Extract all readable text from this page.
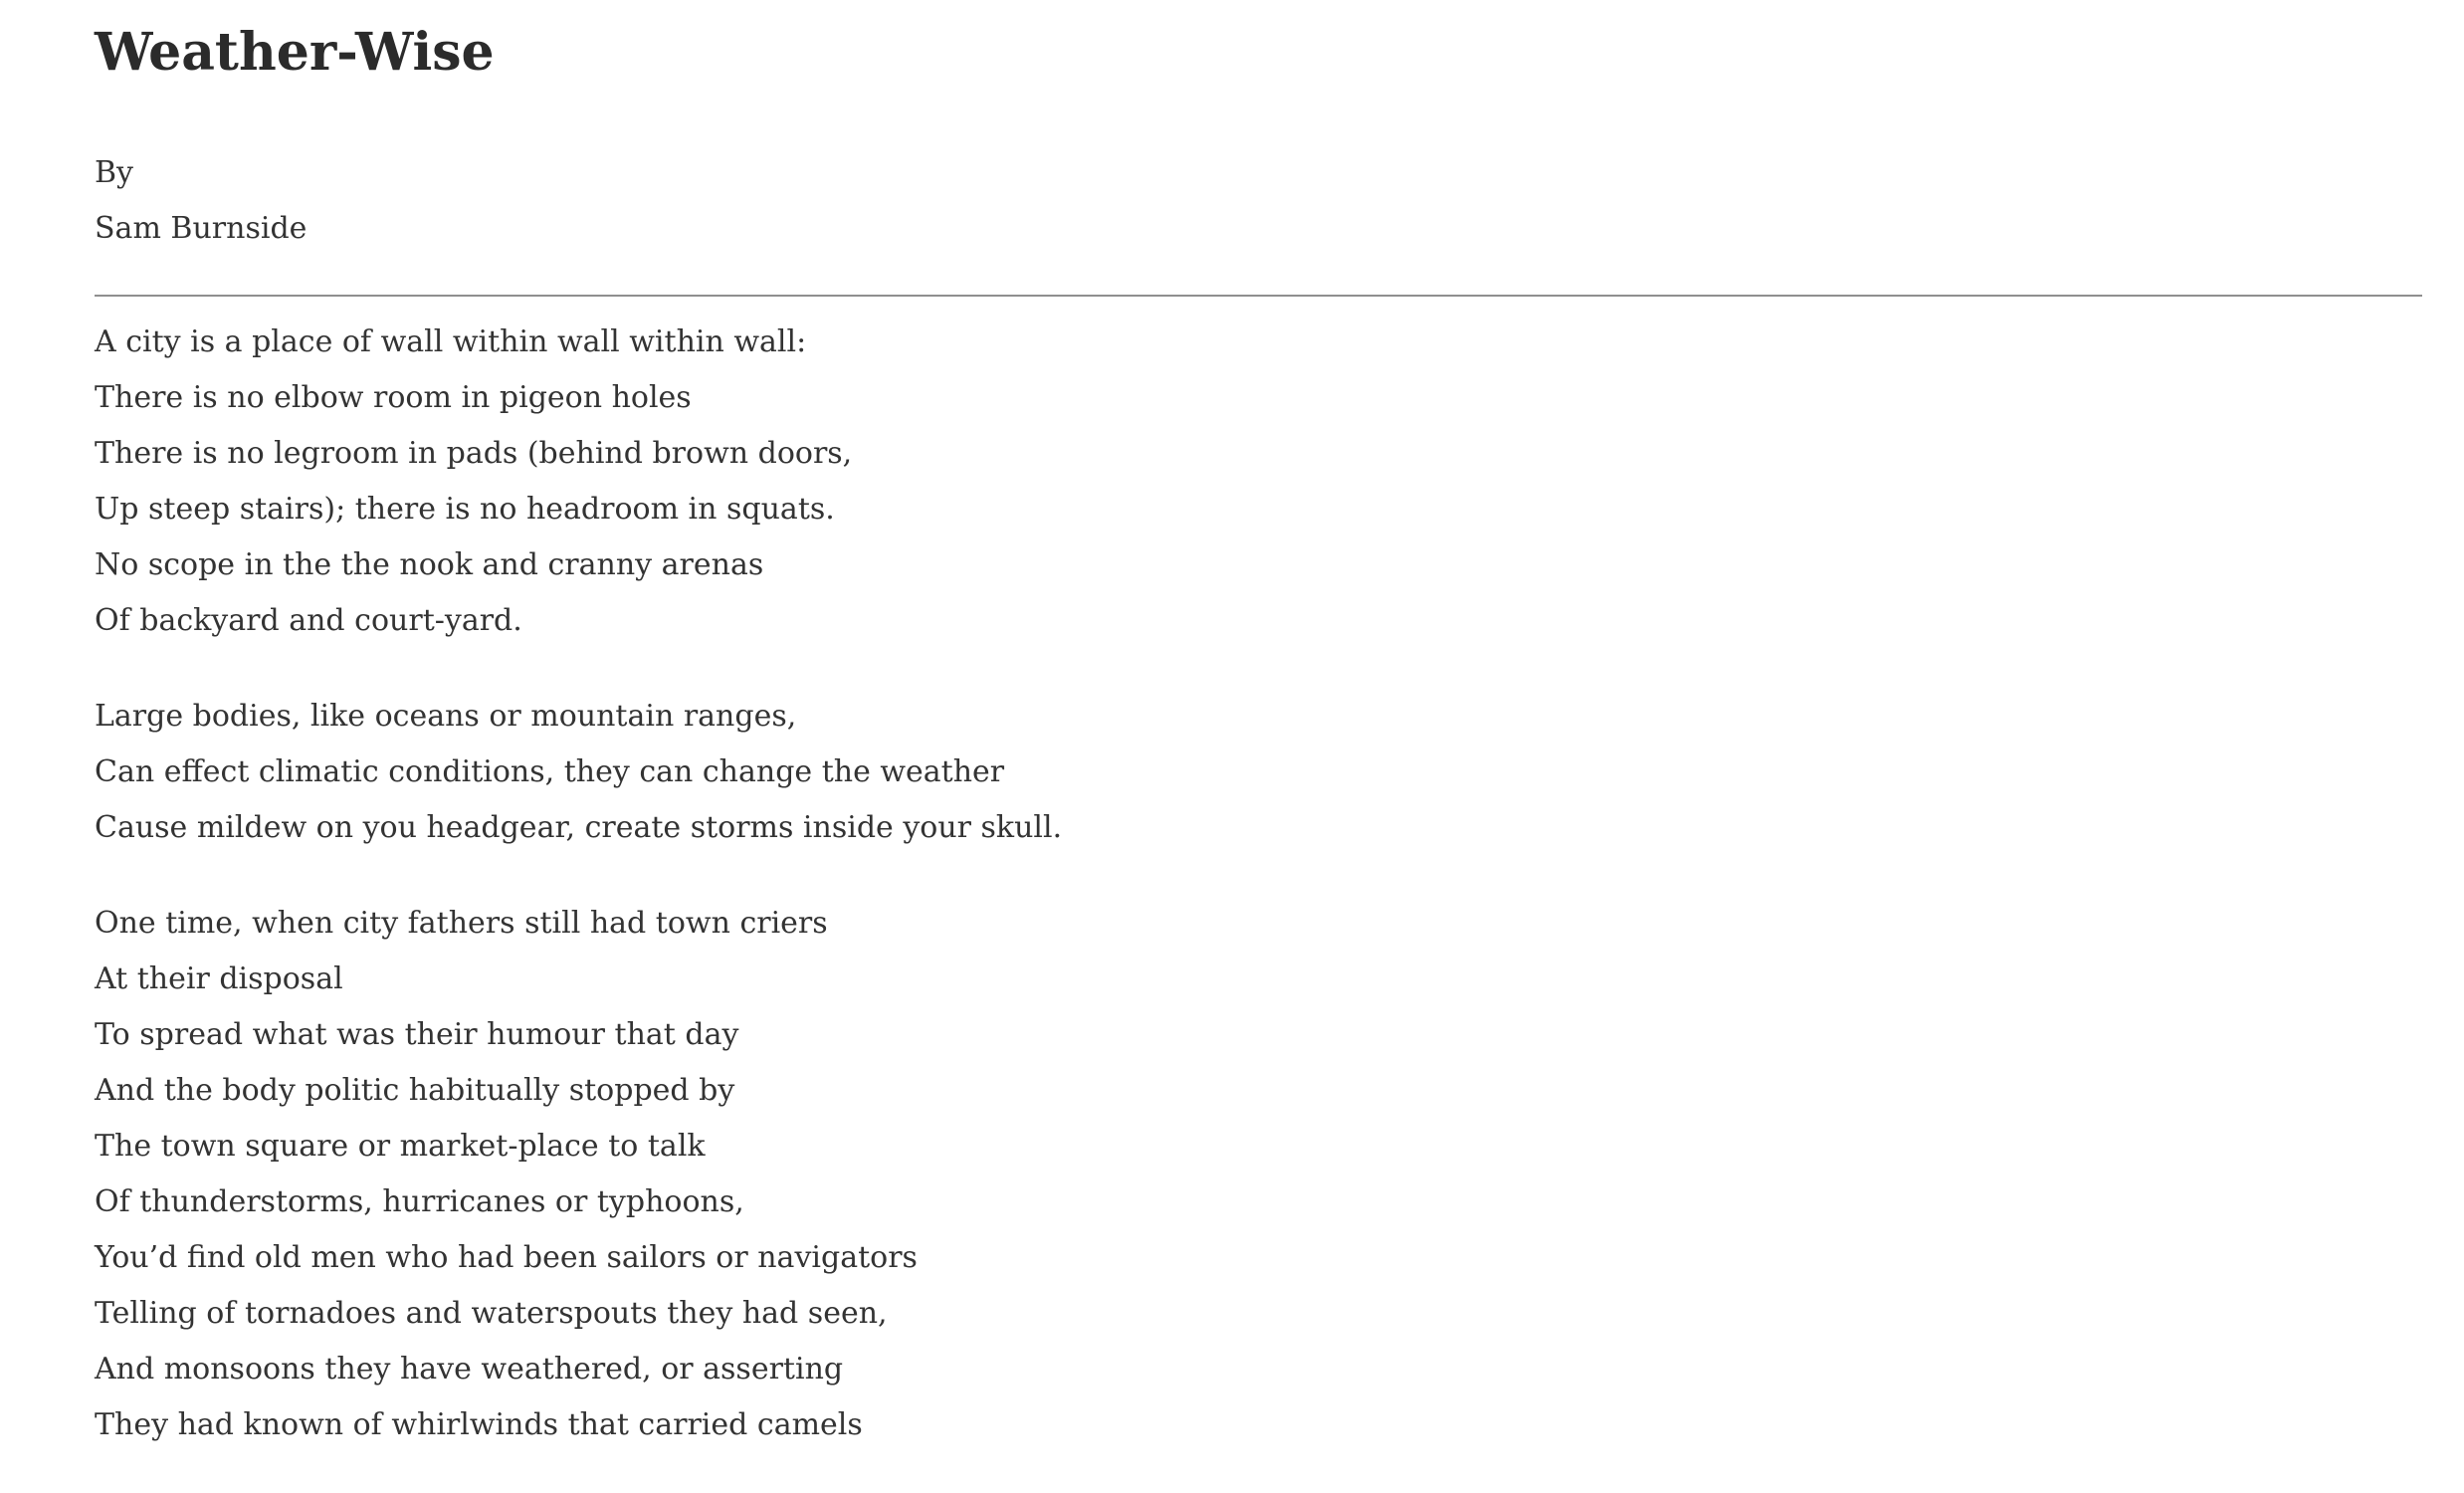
Weather-Wise
By
Sam Burnside
A city is a place of wall within wall within wall:
There is no elbow room in pigeon holes
There is no legroom in pads (behind brown doors,
Up steep stairs); there is no headroom in squats.
No scope in the the nook and cranny arenas
Of backyard and court-yard.
Large bodies, like oceans or mountain ranges,
Can effect climatic conditions, they can change the weather
Cause mildew on you headgear, create storms inside your skull.
One time, when city fathers still had town criers
At their disposal
To spread what was their humour that day
And the body politic habitually stopped by
The town square or market-place to talk
Of thunderstorms, hurricanes or typhoons,
You’d find old men who had been sailors or navigators
Telling of tornadoes and waterspouts they had seen,
And monsoons they have weathered, or asserting
They had known of whirlwinds that carried camels
